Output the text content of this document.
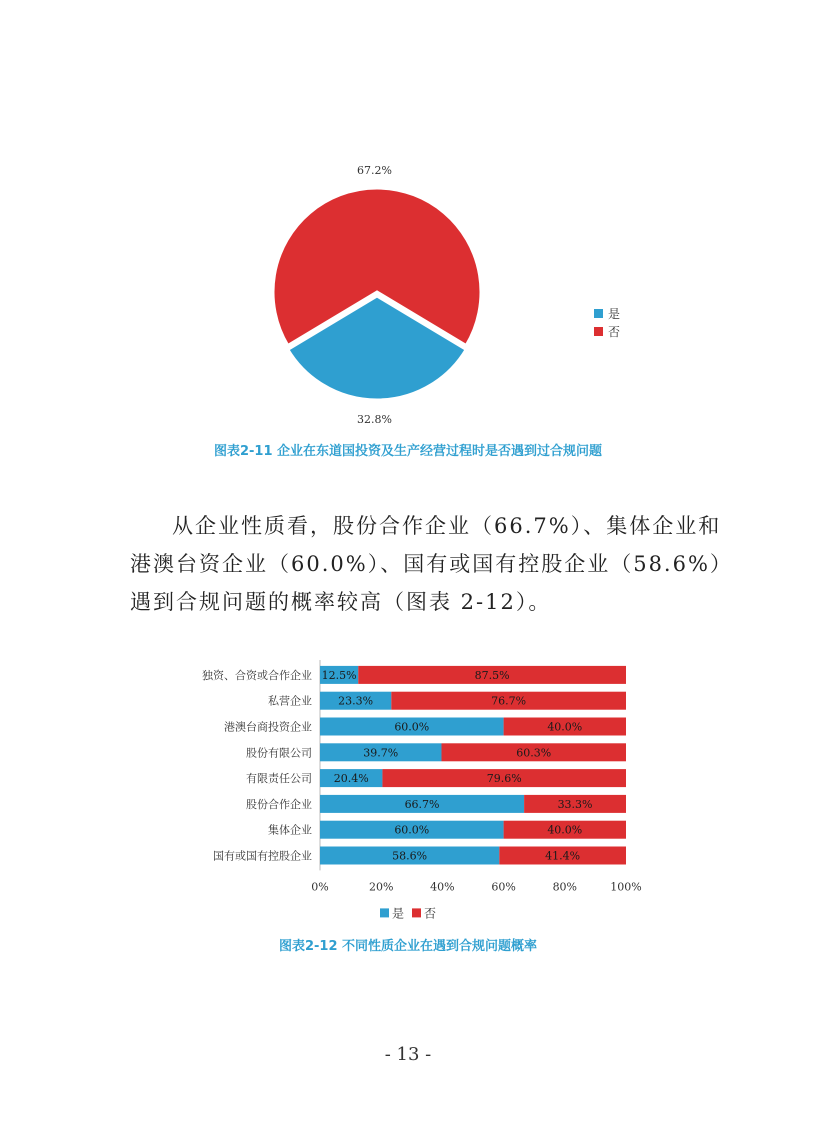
67.2%
32.8%
是
否
图表2-11 企业在东道国投资及生产经营过程时是否遇到过合规问题
从企业性质看，股份合作企业（66.7%）、集体企业和
港澳台资企业（60.0%）、国有或国有控股企业（58.6%）
遇到合规问题的概率较高（图表 2-12）。
独资、合资或合作企业 12.5%	87.5%
私营企业 23.3%	76.7%
港澳台商投资企业	60.0%	40.0%
股份有限公司	39.7%	60.3%
有限责任公司 20.4%	79.6%
股份合作企业	66.7%	33.3%
集体企业	60.0%	40.0%
国有或国有控股企业	58.6%	41.4%
0%	20%	40%	60%	80%	100%
是 否
图表2-12 不同性质企业在遇到合规问题概率
- 13 -
